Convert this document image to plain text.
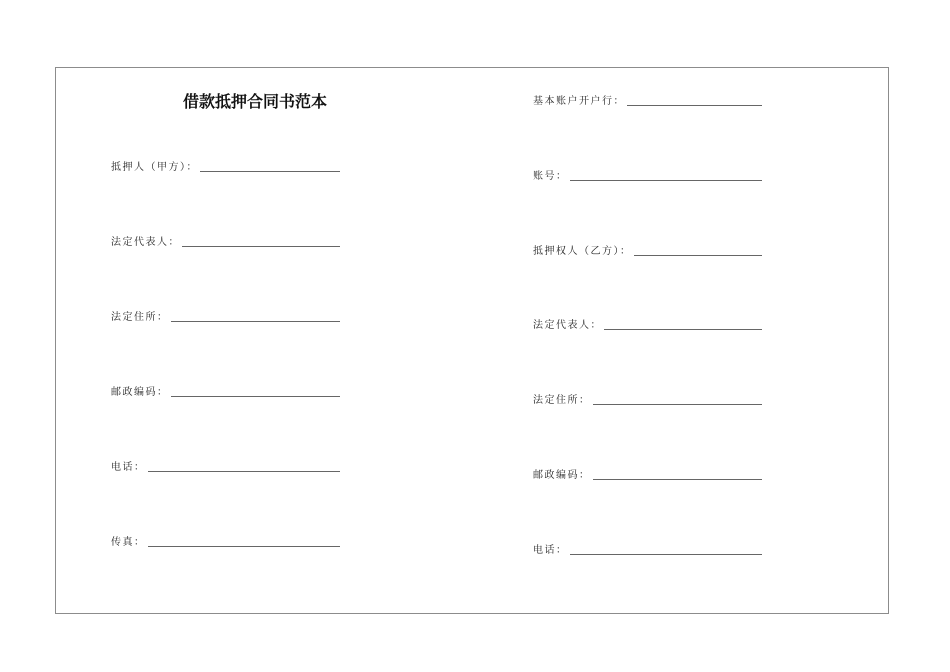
借款抵押合同书范本
抵押人（甲方）：
法定代表人：
法定住所：
邮政编码：
电话：
传真：
基本账户开户行：
账号：
抵押权人（乙方）：
法定代表人：
法定住所：
邮政编码：
电话：
